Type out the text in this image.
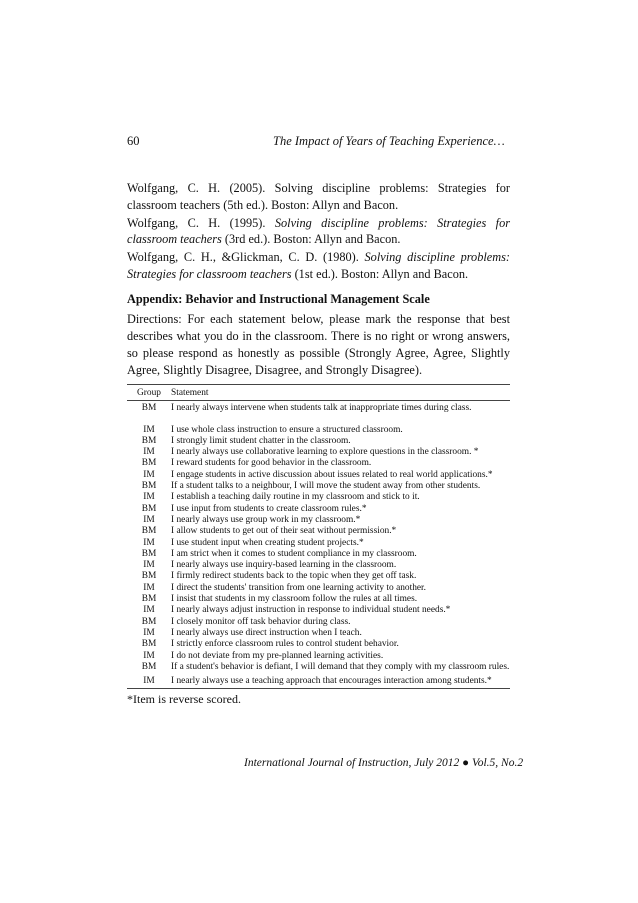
60	The Impact of Years of Teaching Experience…

Wolfgang, C. H. (2005). Solving discipline problems: Strategies for classroom teachers (5th ed.). Boston: Allyn and Bacon.

Wolfgang, C. H. (1995). Solving discipline problems: Strategies for classroom teachers (3rd ed.). Boston: Allyn and Bacon.

Wolfgang, C. H., &Glickman, C. D. (1980). Solving discipline problems: Strategies for classroom teachers (1st ed.). Boston: Allyn and Bacon.

Appendix: Behavior and Instructional Management Scale
Directions: For each statement below, please mark the response that best describes what you do in the classroom. There is no right or wrong answers, so please respond as honestly as possible (Strongly Agree, Agree, Slightly Agree, Slightly Disagree, Disagree, and Strongly Disagree).
Group	Statement
BM	I nearly always intervene when students talk at inappropriate times during class.
IM	I use whole class instruction to ensure a structured classroom.
BM	I strongly limit student chatter in the classroom.
IM	I nearly always use collaborative learning to explore questions in the classroom. *
BM	I reward students for good behavior in the classroom.
IM	I engage students in active discussion about issues related to real world applications.*
BM	If a student talks to a neighbour, I will move the student away from other students.
IM	I establish a teaching daily routine in my classroom and stick to it.
BM	I use input from students to create classroom rules.*
IM	I nearly always use group work in my classroom.*
BM	I allow students to get out of their seat without permission.*
IM	I use student input when creating student projects.*
BM	I am strict when it comes to student compliance in my classroom.
IM	I nearly always use inquiry-based learning in the classroom.
BM	I firmly redirect students back to the topic when they get off task.
IM	I direct the students' transition from one learning activity to another.
BM	I insist that students in my classroom follow the rules at all times.
IM	I nearly always adjust instruction in response to individual student needs.*
BM	I closely monitor off task behavior during class.
IM	I nearly always use direct instruction when I teach.
BM	I strictly enforce classroom rules to control student behavior.
IM	I do not deviate from my pre-planned learning activities.
BM	If a student's behavior is defiant, I will demand that they comply with my classroom rules.
IM	I nearly always use a teaching approach that encourages interaction among students.*
*Item is reverse scored.
International Journal of Instruction, July 2012 ● Vol.5, No.2
